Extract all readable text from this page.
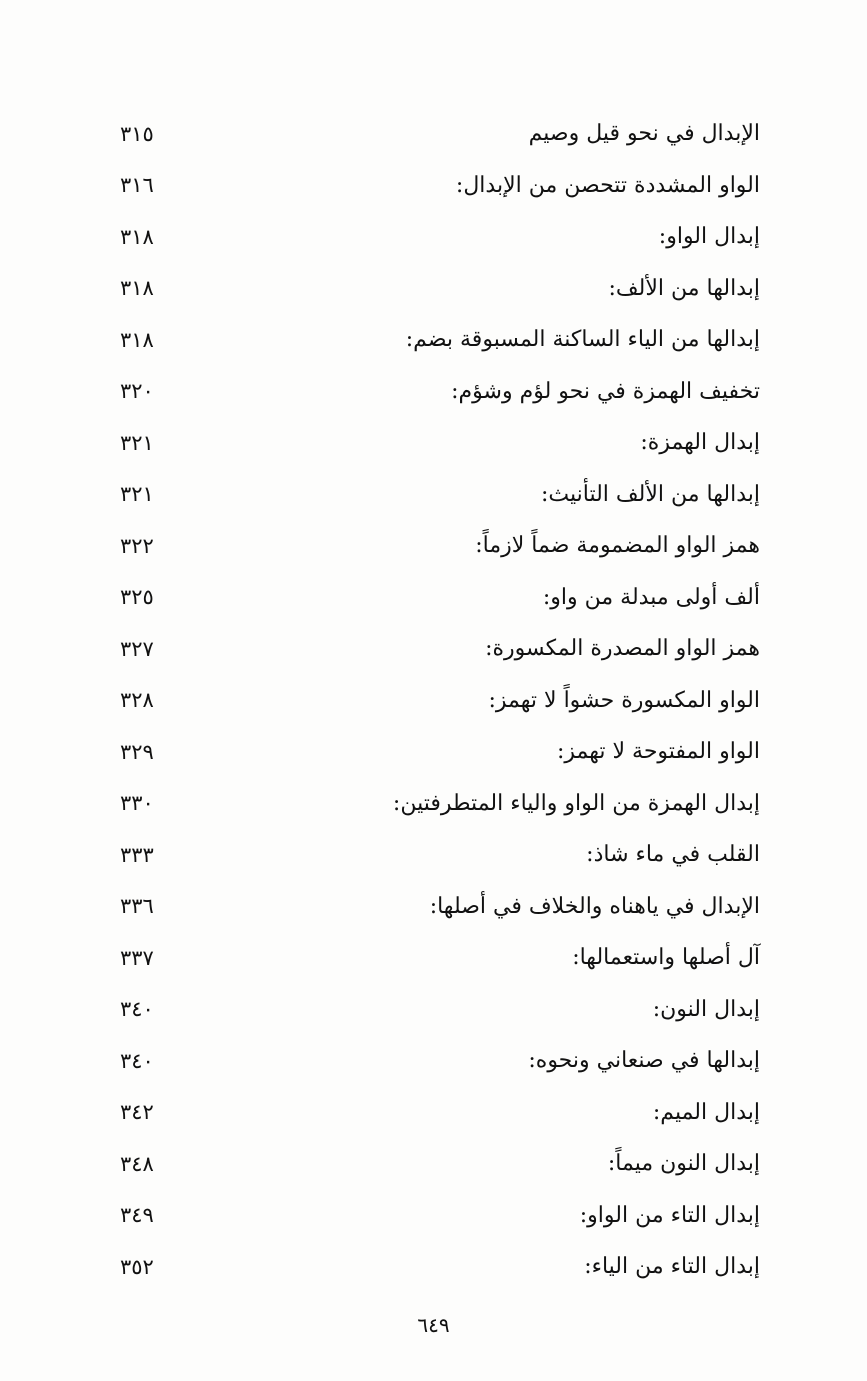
الإبدال في نحو قيل وصيم
٣١٥
الواو المشددة تتحصن من الإبدال:
٣١٦
إبدال الواو:
٣١٨
إبدالها من الألف:
٣١٨
إبدالها من الياء الساكنة المسبوقة بضم:
٣١٨
تخفيف الهمزة في نحو لؤم وشؤم:
٣٢٠
إبدال الهمزة:
٣٢١
إبدالها من الألف التأنيث:
٣٢١
همز الواو المضمومة ضماً لازماً:
٣٢٢
ألف أولى مبدلة من واو:
٣٢٥
همز الواو المصدرة المكسورة:
٣٢٧
الواو المكسورة حشواً لا تهمز:
٣٢٨
الواو المفتوحة لا تهمز:
٣٢٩
إبدال الهمزة من الواو والياء المتطرفتين:
٣٣٠
القلب في ماء شاذ:
٣٣٣
الإبدال في ياهناه والخلاف في أصلها:
٣٣٦
آل أصلها واستعمالها:
٣٣٧
إبدال النون:
٣٤٠
إبدالها في صنعاني ونحوه:
٣٤٠
إبدال الميم:
٣٤٢
إبدال النون ميماً:
٣٤٨
إبدال التاء من الواو:
٣٤٩
إبدال التاء من الياء:
٣٥٢
٦٤٩
